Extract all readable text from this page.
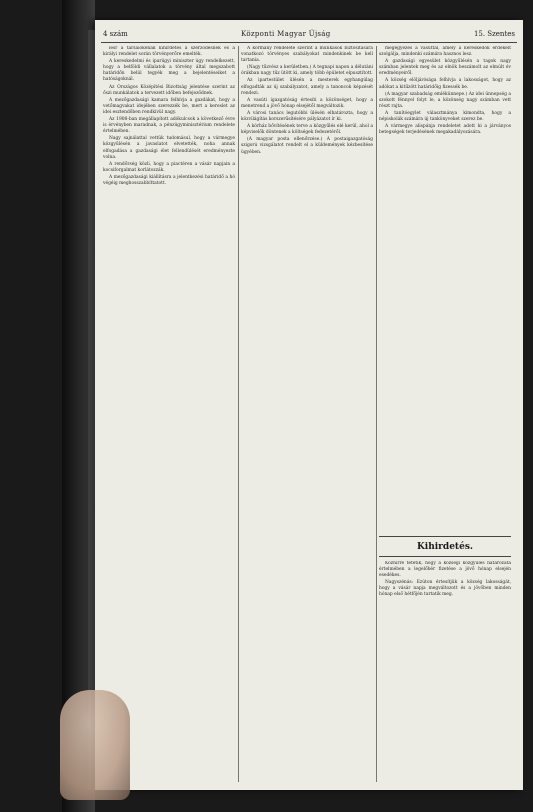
4 szám	Központi Magyar Újság	15. Szentes

lésr a társaiókénak kihirdetés a szerződésnek és a királyi rendelet során törvényerőre emelték.

A kereskedelmi és iparügyi miniszter úgy rendelkezett, hogy a belföldi vállalatok a törvény által megszabott határidőn belül tegyék meg a bejelentéseiket a hatóságoknál.

Az Országos Középítési Bizottság jelentése szerint az őszi munkálatok a tervezett időben befejeződnek.

A mezőgazdasági kamara felhívja a gazdákat, hogy a vetőmagvakat idejében szerezzék be, mert a kereslet az idei esztendőben rendkívül nagy.

Az 1908-ban megállapított adókulcsok a következő évre is érvényben maradnak, a pénzügyminisztérium rendelete értelmében.

Nagy sajnálattal vettük tudomásul, hogy a vármegye közgyűlésén a javaslatot elvetették, noha annak elfogadása a gazdasági élet fellendülését eredményezte volna.

A rendőrség közli, hogy a piactéren a vásár napjain a kocsiforgalmat korlátozzák.

A mezőgazdasági kiállításra a jelentkezési határidő a hó végéig meghosszabbíttatott.

A kormány rendelete szerint a munkások biztosítására vonatkozó törvényes szabályokat mindenkinek be kell tartania.

(Nagy tűzvész a kerületben.) A tegnapi napon a délutáni órákban nagy tűz ütött ki, amely több épületet elpusztított.

Az ipartestület ülésén a mesterek egyhangúlag elfogadták az új szabályzatot, amely a tanoncok képzését rendezi.

A vasúti igazgatóság értesíti a közönséget, hogy a menetrend a jövő hónap elsejétől megváltozik.

A városi tanács legutóbbi ülésén elhatározta, hogy a közvilágítás korszerűsítésére pályázatot ír ki.

A kórház bővítésének terve a közgyűlés elé kerül, ahol a képviselők döntenek a költségek fedezetéről.

(A magyar posta ellenőrzése.) A postaigazgatóság szigorú vizsgálatot rendelt el a küldemények kézbesítése ügyében.

megegyezés a vasúttal, amely a kereskedők érdekeit szolgálja, mindenki számára hasznos lesz.

A gazdasági egyesület közgyűlésén a tagok nagy számban jelentek meg és az elnök beszámolt az elmúlt év eredményeiről.

A község elöljárósága felhívja a lakosságot, hogy az adókat a kitűzött határidőig fizessék be.

(A magyar szabadság emlékünnepe.) Az idei ünnepség a szokott fénnyel folyt le, a közönség nagy számban vett részt rajta.

A tanítóegylet választmánya kimondta, hogy a népiskolák számára új tankönyveket szerez be.

A vármegye alispánja rendeletet adott ki a járványos betegségek terjedésének megakadályozására.

Kihirdetés.

Közhírré tétetik, hogy a községi közgyűlés határozata értelmében a legelőbér fizetése a jövő hónap elsején esedékes.

Nagyszénás: Ezúton értesítjük a község lakosságát, hogy a vásár napja megváltozott és a jövőben minden hónap első hétfőjén tartatik meg.
